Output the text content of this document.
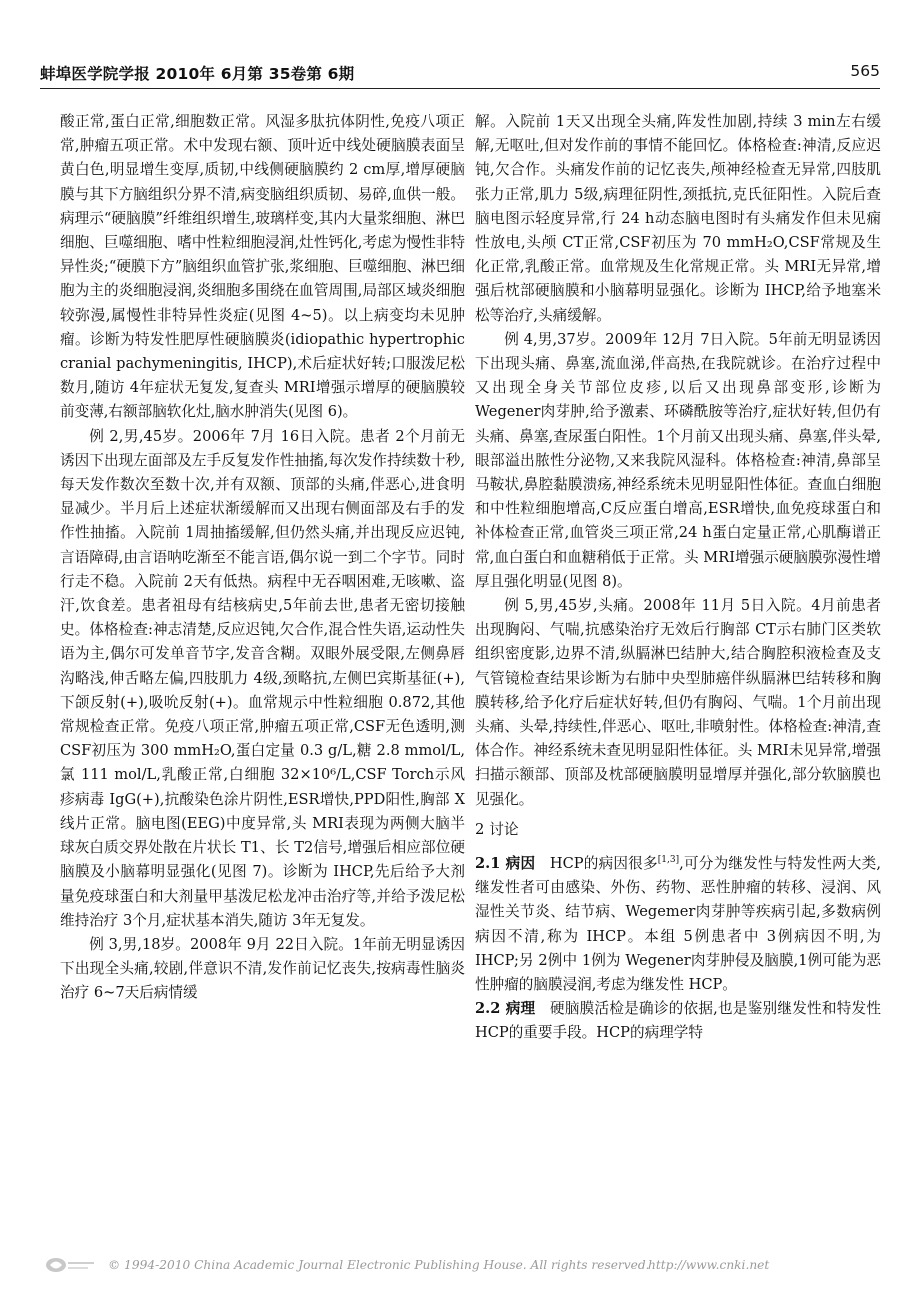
蚌埠医学院学报 2010年 6月第 35卷第 6期	565

酸正常,蛋白正常,细胞数正常。风湿多肽抗体阴性,免疫八项正常,肿瘤五项正常。术中发现右额、顶叶近中线处硬脑膜表面呈黄白色,明显增生变厚,质韧,中线侧硬脑膜约 2 cm厚,增厚硬脑膜与其下方脑组织分界不清,病变脑组织质韧、易碎,血供一般。病理示“硬脑膜”纤维组织增生,玻璃样变,其内大量浆细胞、淋巴细胞、巨噬细胞、嗜中性粒细胞浸润,灶性钙化,考虑为慢性非特异性炎;“硬膜下方”脑组织血管扩张,浆细胞、巨噬细胞、淋巴细胞为主的炎细胞浸润,炎细胞多围绕在血管周围,局部区域炎细胞较弥漫,属慢性非特异性炎症(见图 4~5)。以上病变均未见肿瘤。诊断为特发性肥厚性硬脑膜炎(idiopathic hypertrophic cranial pachymeningitis, IHCP),术后症状好转;口服泼尼松数月,随访 4年症状无复发,复查头 MRI增强示增厚的硬脑膜较前变薄,右额部脑软化灶,脑水肿消失(见图 6)。

例 2,男,45岁。2006年 7月 16日入院。患者 2个月前无诱因下出现左面部及左手反复发作性抽搐,每次发作持续数十秒,每天发作数次至数十次,并有双额、顶部的头痛,伴恶心,进食明显减少。半月后上述症状渐缓解而又出现右侧面部及右手的发作性抽搐。入院前 1周抽搐缓解,但仍然头痛,并出现反应迟钝,言语障碍,由言语呐吃渐至不能言语,偶尔说一到二个字节。同时行走不稳。入院前 2天有低热。病程中无吞咽困难,无咳嗽、盗汗,饮食差。患者祖母有结核病史,5年前去世,患者无密切接触史。体格检查:神志清楚,反应迟钝,欠合作,混合性失语,运动性失语为主,偶尔可发单音节字,发音含糊。双眼外展受限,左侧鼻唇沟略浅,伸舌略左偏,四肢肌力 4级,颈略抗,左侧巴宾斯基征(+),下颌反射(+),吸吮反射(+)。血常规示中性粒细胞 0.872,其他常规检查正常。免疫八项正常,肿瘤五项正常,CSF无色透明,测 CSF初压为 300 mmH₂O,蛋白定量 0.3 g/L,糖 2.8 mmol/L,氯 111 mol/L,乳酸正常,白细胞 32×10⁶/L,CSF Torch示风疹病毒 IgG(+),抗酸染色涂片阴性,ESR增快,PPD阳性,胸部 X线片正常。脑电图(EEG)中度异常,头 MRI表现为两侧大脑半球灰白质交界处散在片状长 T1、长 T2信号,增强后相应部位硬脑膜及小脑幕明显强化(见图 7)。诊断为 IHCP,先后给予大剂量免疫球蛋白和大剂量甲基泼尼松龙冲击治疗等,并给予泼尼松维持治疗 3个月,症状基本消失,随访 3年无复发。

例 3,男,18岁。2008年 9月 22日入院。1年前无明显诱因下出现全头痛,较剧,伴意识不清,发作前记忆丧失,按病毒性脑炎治疗 6~7天后病情缓

解。入院前 1天又出现全头痛,阵发性加剧,持续 3 min左右缓解,无呕吐,但对发作前的事情不能回忆。体格检查:神清,反应迟钝,欠合作。头痛发作前的记忆丧失,颅神经检查无异常,四肢肌张力正常,肌力 5级,病理征阴性,颈抵抗,克氏征阳性。入院后查脑电图示轻度异常,行 24 h动态脑电图时有头痛发作但未见痫性放电,头颅 CT正常,CSF初压为 70 mmH₂O,CSF常规及生化正常,乳酸正常。血常规及生化常规正常。头 MRI无异常,增强后枕部硬脑膜和小脑幕明显强化。诊断为 IHCP,给予地塞米松等治疗,头痛缓解。

例 4,男,37岁。2009年 12月 7日入院。5年前无明显诱因下出现头痛、鼻塞,流血涕,伴高热,在我院就诊。在治疗过程中又出现全身关节部位皮疹,以后又出现鼻部变形,诊断为 Wegener肉芽肿,给予激素、环磷酰胺等治疗,症状好转,但仍有头痛、鼻塞,查尿蛋白阳性。1个月前又出现头痛、鼻塞,伴头晕,眼部溢出脓性分泌物,又来我院风湿科。体格检查:神清,鼻部呈马鞍状,鼻腔黏膜溃疡,神经系统未见明显阳性体征。查血白细胞和中性粒细胞增高,C反应蛋白增高,ESR增快,血免疫球蛋白和补体检查正常,血管炎三项正常,24 h蛋白定量正常,心肌酶谱正常,血白蛋白和血糖稍低于正常。头 MRI增强示硬脑膜弥漫性增厚且强化明显(见图 8)。

例 5,男,45岁,头痛。2008年 11月 5日入院。4月前患者出现胸闷、气喘,抗感染治疗无效后行胸部 CT示右肺门区类软组织密度影,边界不清,纵膈淋巴结肿大,结合胸腔积液检查及支气管镜检查结果诊断为右肺中央型肺癌伴纵膈淋巴结转移和胸膜转移,给予化疗后症状好转,但仍有胸闷、气喘。1个月前出现头痛、头晕,持续性,伴恶心、呕吐,非喷射性。体格检查:神清,查体合作。神经系统未查见明显阳性体征。头 MRI未见异常,增强扫描示额部、顶部及枕部硬脑膜明显增厚并强化,部分软脑膜也见强化。

2 讨论

2.1 病因 HCP的病因很多[1,3],可分为继发性与特发性两大类,继发性者可由感染、外伤、药物、恶性肿瘤的转移、浸润、风湿性关节炎、结节病、Wegemer肉芽肿等疾病引起,多数病例病因不清,称为 IHCP。本组 5例患者中 3例病因不明,为 IHCP;另 2例中 1例为 Wegener肉芽肿侵及脑膜,1例可能为恶性肿瘤的脑膜浸润,考虑为继发性 HCP。

2.2 病理 硬脑膜活检是确诊的依据,也是鉴别继发性和特发性 HCP的重要手段。HCP的病理学特

© 1994-2010 China Academic Journal Electronic Publishing House. All rights reserved.
http://www.cnki.net
